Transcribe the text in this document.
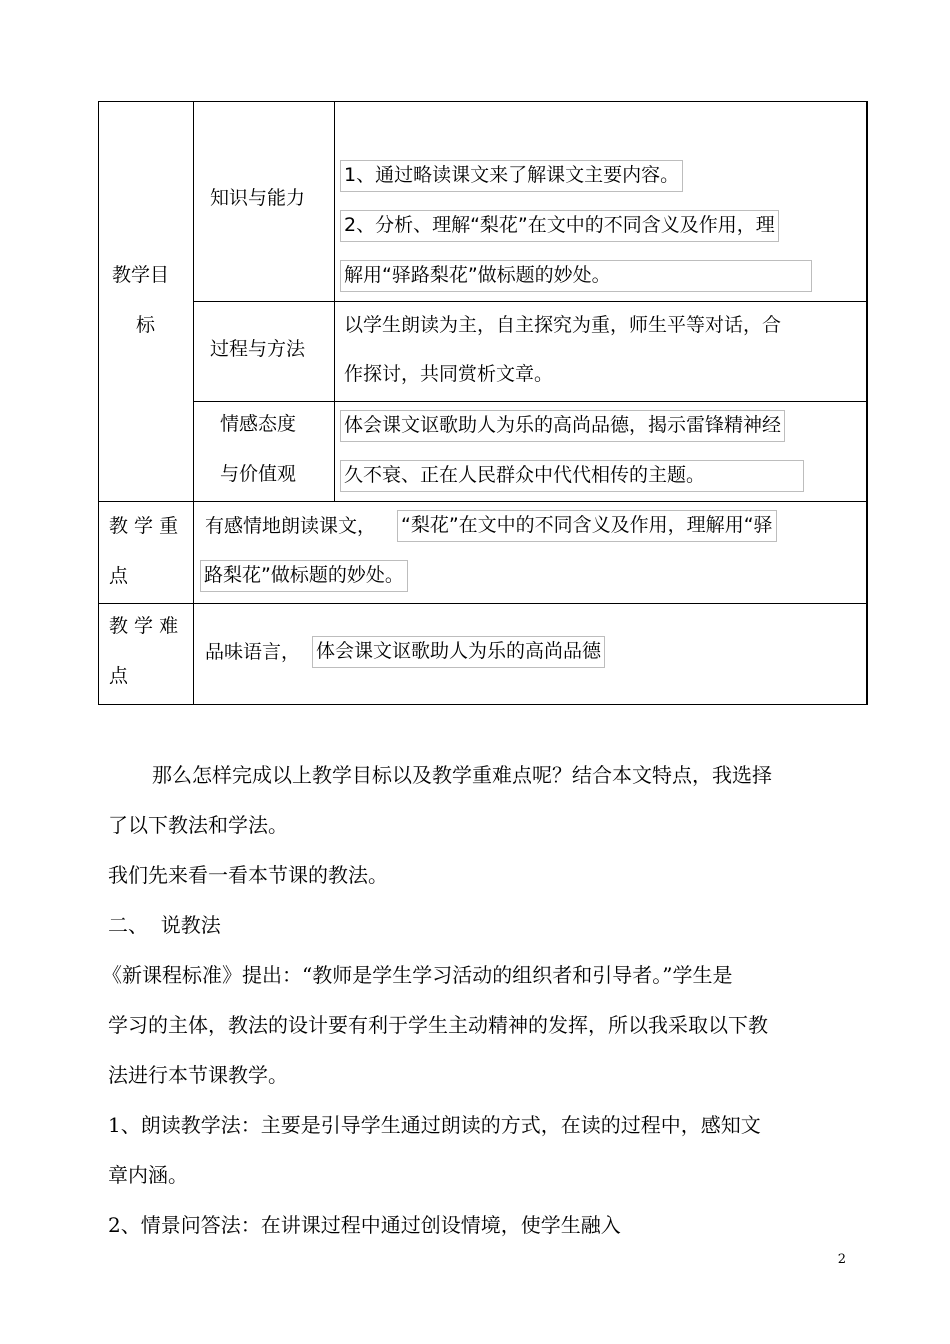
教学目
标
知识与能力
1、通过略读课文来了解课文主要内容。
2、分析、理解“梨花”在文中的不同含义及作用，理
解用“驿路梨花”做标题的妙处。
过程与方法
以学生朗读为主，自主探究为重，师生平等对话，合
作探讨，共同赏析文章。
情感态度
与价值观
体会课文讴歌助人为乐的高尚品德，揭示雷锋精神经
久不衰、正在人民群众中代代相传的主题。
教 学 重
点
有感情地朗读课文， “梨花”在文中的不同含义及作用，理解用“驿
路梨花”做标题的妙处。
教 学 难
点
品味语言， 体会课文讴歌助人为乐的高尚品德
那么怎样完成以上教学目标以及教学重难点呢？结合本文特点，我选择
了以下教法和学法。
我们先来看一看本节课的教法。
二、  说教法
《新课程标准》提出：“教师是学生学习活动的组织者和引导者。”学生是
学习的主体，教法的设计要有利于学生主动精神的发挥，所以我采取以下教
法进行本节课教学。
1、朗读教学法：主要是引导学生通过朗读的方式，在读的过程中，感知文
章内涵。
2、情景问答法：在讲课过程中通过创设情境，使学生融入
2
